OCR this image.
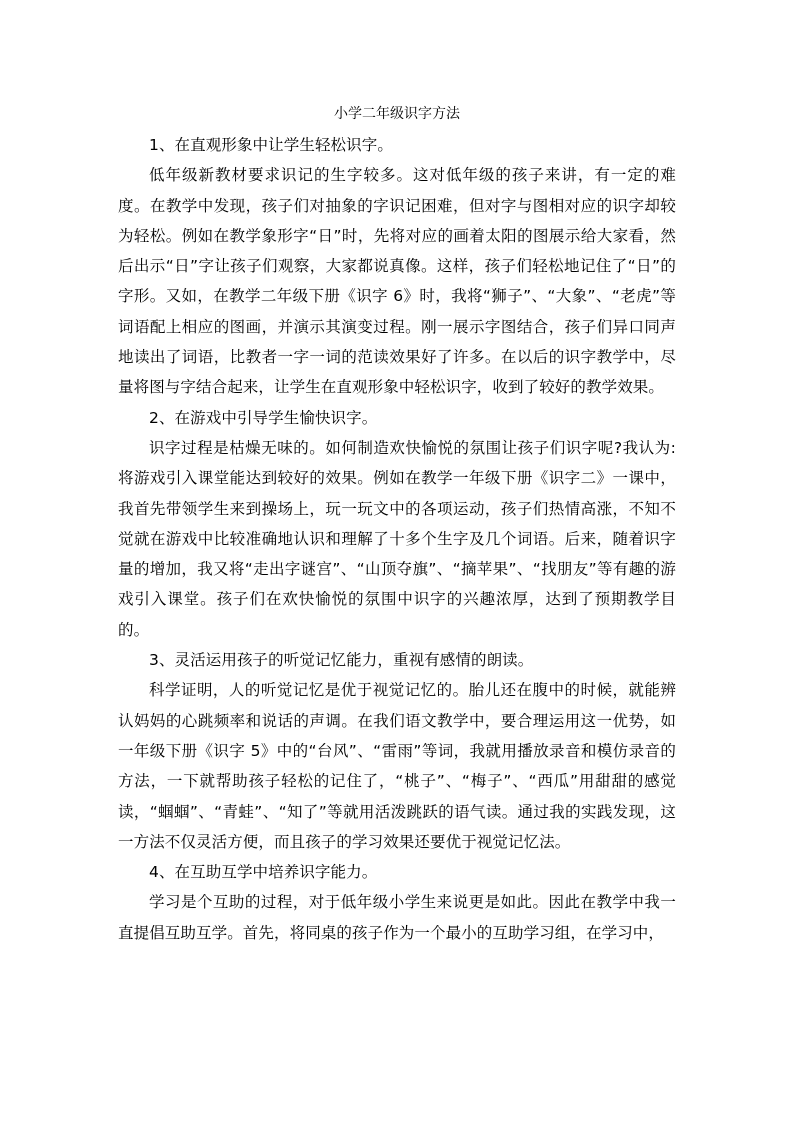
小学二年级识字方法

1、在直观形象中让学生轻松识字。

低年级新教材要求识记的生字较多。这对低年级的孩子来讲，有一定的难度。在教学中发现，孩子们对抽象的字识记困难，但对字与图相对应的识字却较为轻松。例如在教学象形字“日”时，先将对应的画着太阳的图展示给大家看，然后出示“日”字让孩子们观察，大家都说真像。这样，孩子们轻松地记住了“日”的字形。又如，在教学二年级下册《识字 6》时，我将“狮子”、“大象”、“老虎”等词语配上相应的图画，并演示其演变过程。刚一展示字图结合，孩子们异口同声地读出了词语，比教者一字一词的范读效果好了许多。在以后的识字教学中，尽量将图与字结合起来，让学生在直观形象中轻松识字，收到了较好的教学效果。

2、在游戏中引导学生愉快识字。

识字过程是枯燥无味的。如何制造欢快愉悦的氛围让孩子们识字呢?我认为:将游戏引入课堂能达到较好的效果。例如在教学一年级下册《识字二》一课中，我首先带领学生来到操场上，玩一玩文中的各项运动，孩子们热情高涨，不知不觉就在游戏中比较准确地认识和理解了十多个生字及几个词语。后来，随着识字量的增加，我又将“走出字谜宫”、“山顶夺旗”、“摘苹果”、“找朋友”等有趣的游戏引入课堂。孩子们在欢快愉悦的氛围中识字的兴趣浓厚，达到了预期教学目的。

3、灵活运用孩子的听觉记忆能力，重视有感情的朗读。

科学证明，人的听觉记忆是优于视觉记忆的。胎儿还在腹中的时候，就能辨认妈妈的心跳频率和说话的声调。在我们语文教学中，要合理运用这一优势，如一年级下册《识字 5》中的“台风”、“雷雨”等词，我就用播放录音和模仿录音的方法，一下就帮助孩子轻松的记住了，“桃子”、“梅子”、“西瓜”用甜甜的感觉读，“蝈蝈”、“青蛙”、“知了”等就用活泼跳跃的语气读。通过我的实践发现，这一方法不仅灵活方便，而且孩子的学习效果还要优于视觉记忆法。

4、在互助互学中培养识字能力。

学习是个互助的过程，对于低年级小学生来说更是如此。因此在教学中我一直提倡互助互学。首先，将同桌的孩子作为一个最小的互助学习组，在学习中，
